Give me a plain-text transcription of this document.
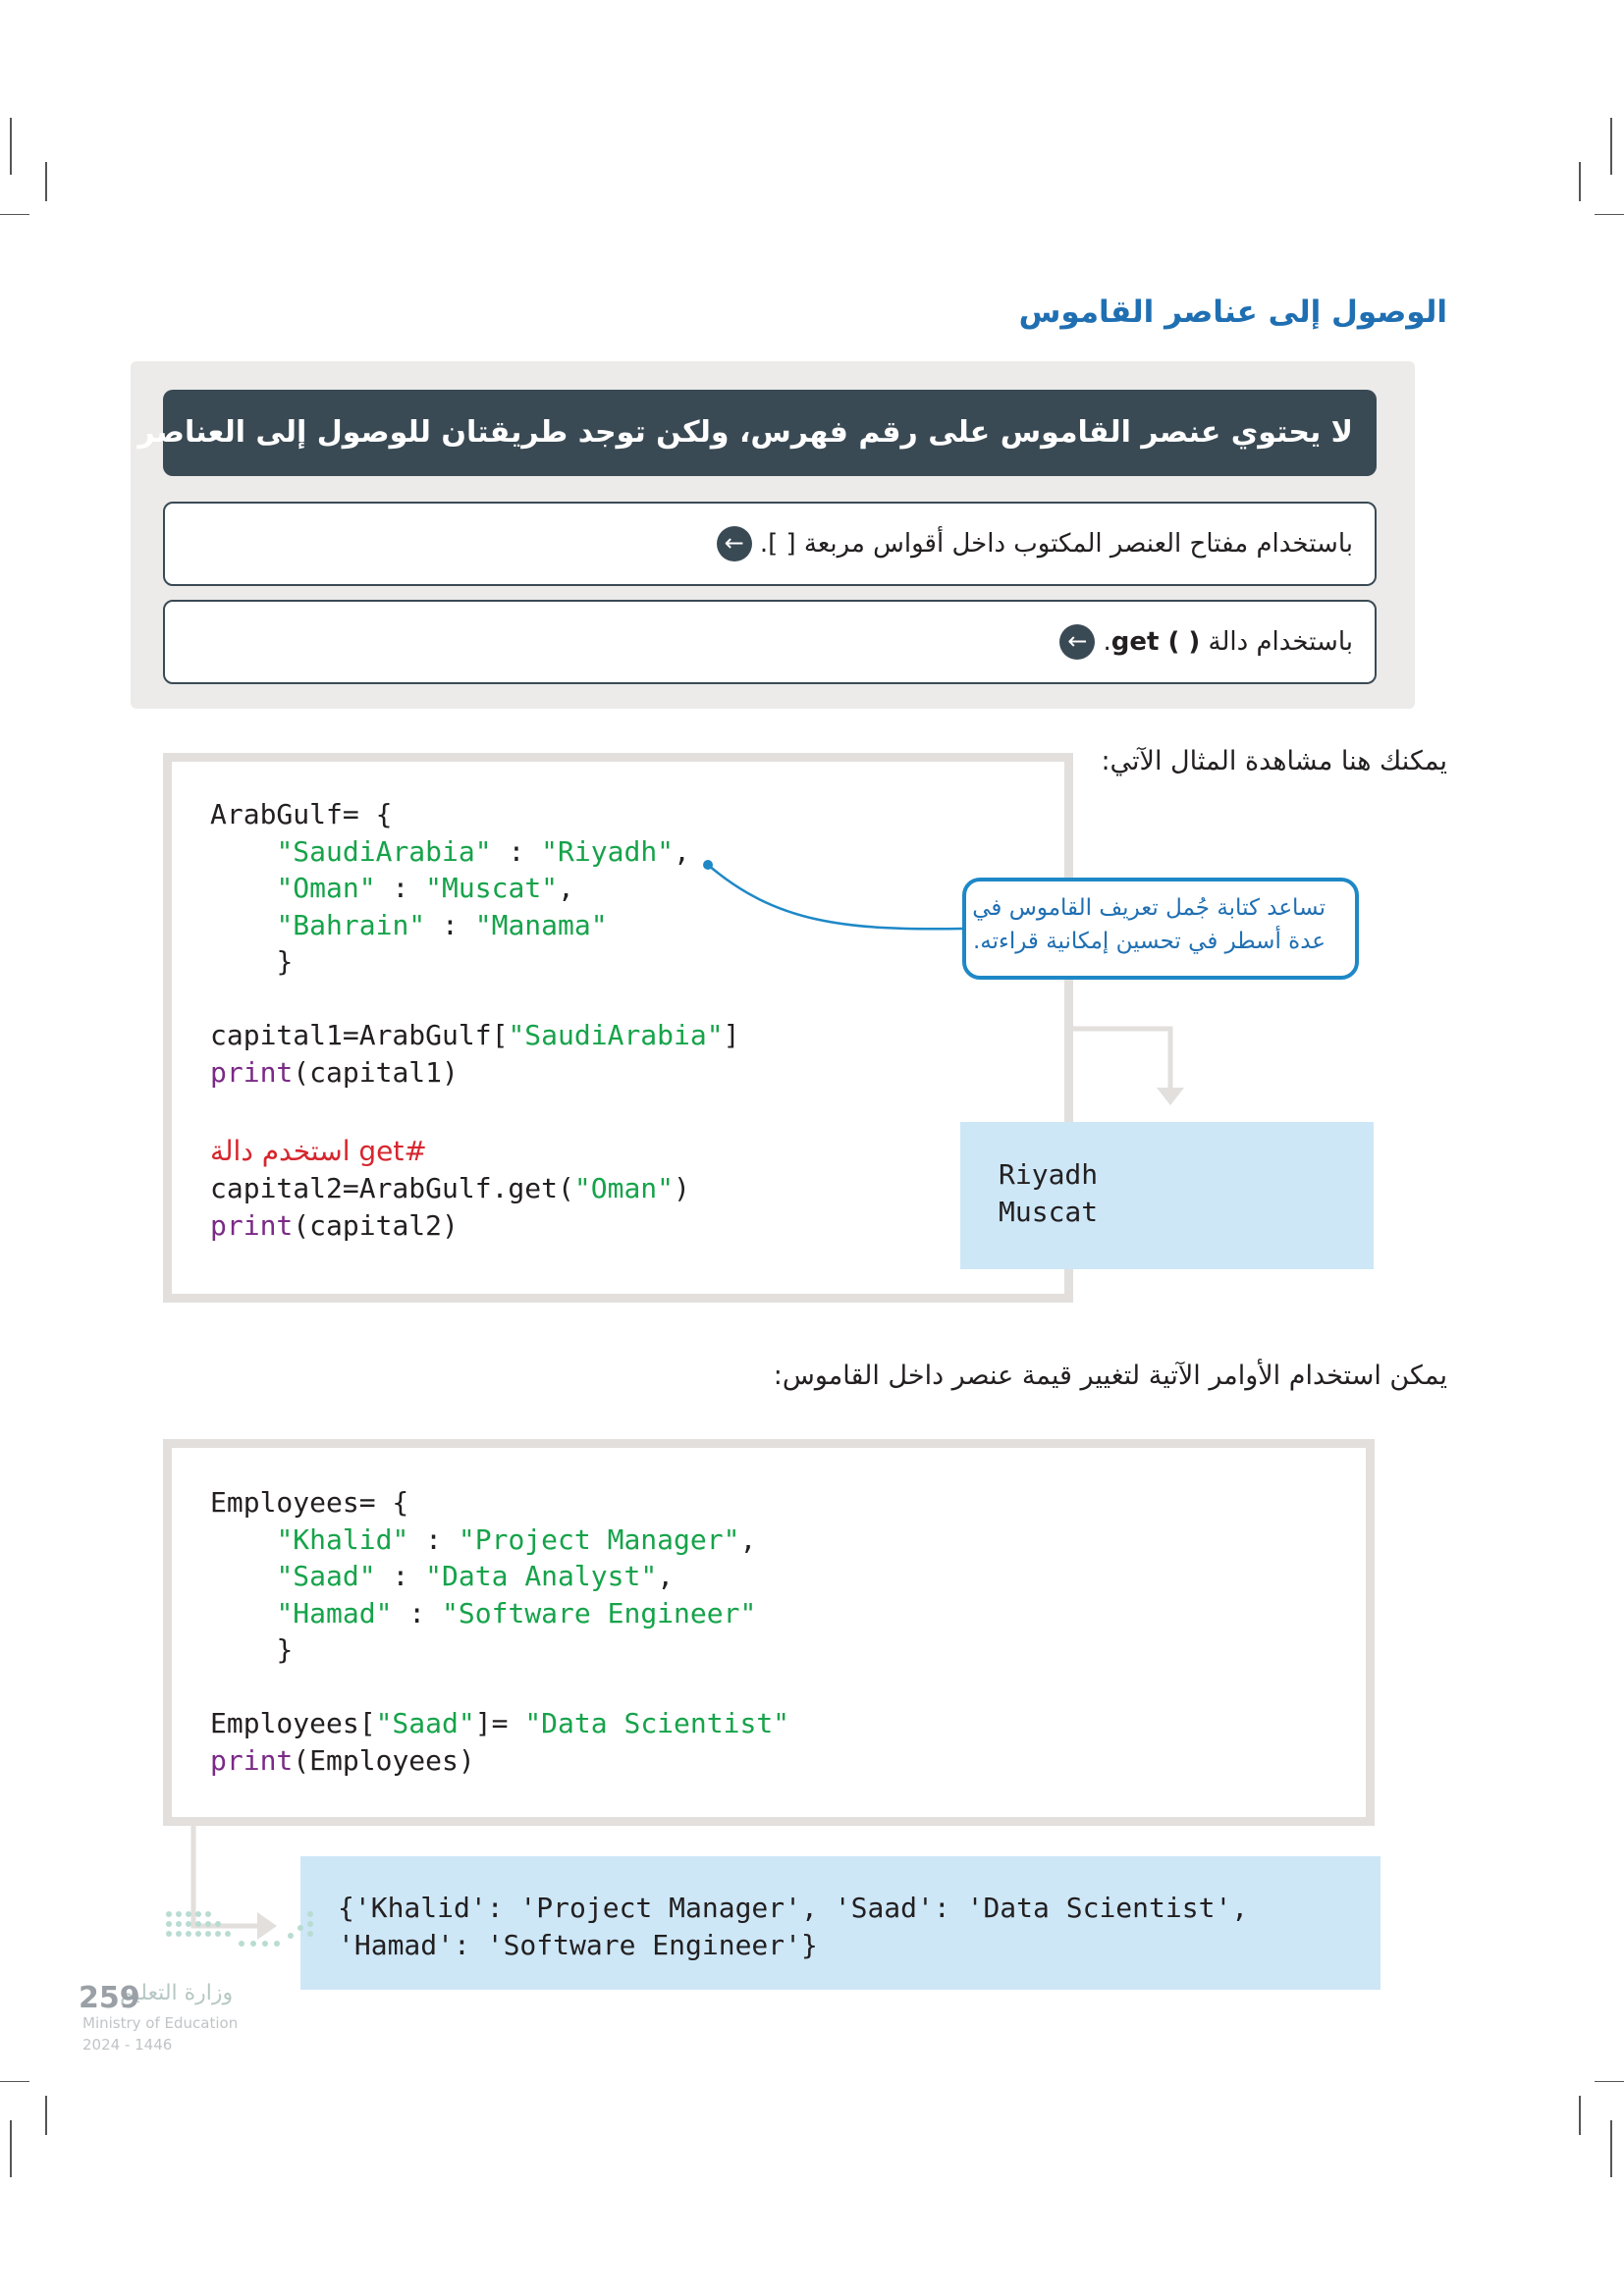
الوصول إلى عناصر القاموس
لا يحتوي عنصر القاموس على رقم فهرس، ولكن توجد طريقتان للوصول إلى العناصر بداخله:
← باستخدام مفتاح العنصر المكتوب داخل أقواس مربعة [ ].
←	باستخدام دالة get ( ).
يمكنك هنا مشاهدة المثال الآتي:
ArabGulf= {
"SaudiArabia" : "Riyadh",
"Oman" : "Muscat",
"Bahrain" : "Manama"
}

capital1=ArabGulf["SaudiArabia"]
print(capital1)

#get استخدم دالة
capital2=ArabGulf.get("Oman")
print(capital2)
تساعد كتابة جُمل تعريف القاموس في
عدة أسطر في تحسين إمكانية قراءته.
Riyadh
Muscat
يمكن استخدام الأوامر الآتية لتغيير قيمة عنصر داخل القاموس:
Employees= {
"Khalid" : "Project Manager",
"Saad" : "Data Analyst",
"Hamad" : "Software Engineer"
}

Employees["Saad"]= "Data Scientist"
print(Employees)
{'Khalid': 'Project Manager', 'Saad': 'Data Scientist',
'Hamad': 'Software Engineer'}
وزارة التعليم
259
Ministry of Education
2024 - 1446
